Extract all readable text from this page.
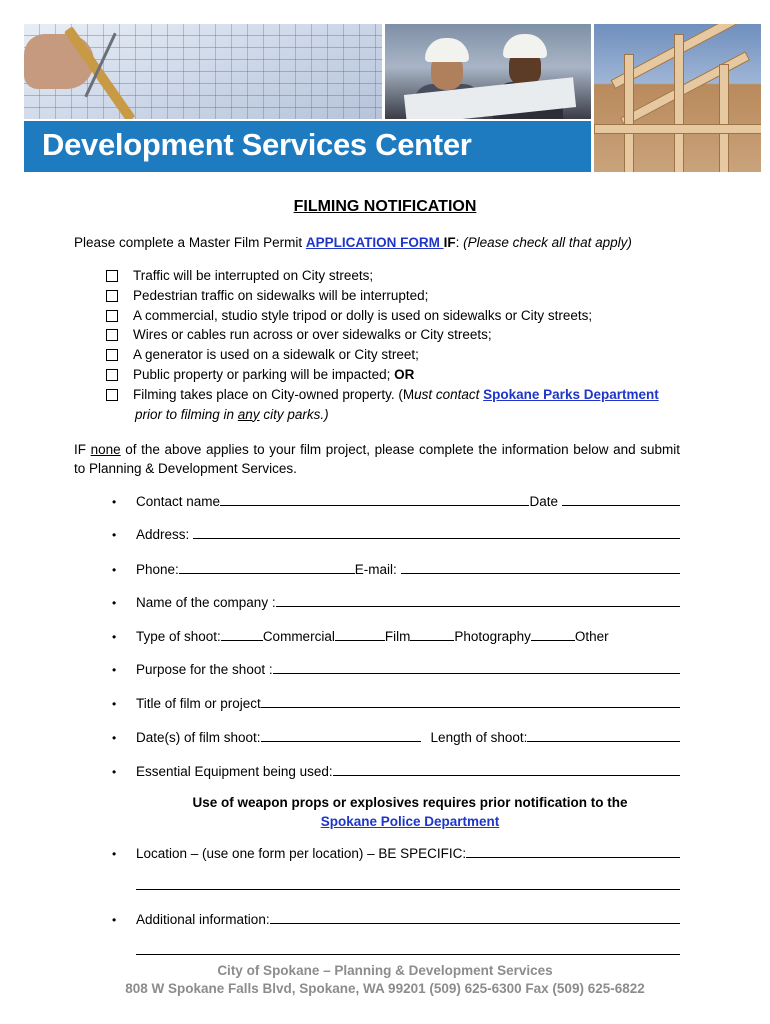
Development Services Center
FILMING NOTIFICATION
Please complete a Master Film Permit APPLICATION FORM IF: (Please check all that apply)
Traffic will be interrupted on City streets;
Pedestrian traffic on sidewalks will be interrupted;
A commercial, studio style tripod or dolly is used on sidewalks or City streets;
Wires or cables run across or over sidewalks or City streets;
A generator is used on a sidewalk or City street;
Public property or parking will be impacted; OR
Filming takes place on City-owned property. (Must contact Spokane Parks Department
prior to filming in any city parks.)
IF none of the above applies to your film project, please complete the information below and submit to Planning & Development Services.
•	Contact name	Date
•	Address:
•	Phone:	E-mail:
•	Name of the company :
•	Type of shoot:	Commercial	Film	Photography	Other
•	Purpose for the shoot :
•	Title of film or project
•	Date(s) of film shoot:	Length of shoot:
•	Essential Equipment being used:
Use of weapon props or explosives requires prior notification to the
Spokane Police Department
•	Location – (use one form per location) – BE SPECIFIC:
•	Additional information:
City of Spokane – Planning & Development Services
808 W Spokane Falls Blvd, Spokane, WA 99201 (509) 625-6300 Fax (509) 625-6822
